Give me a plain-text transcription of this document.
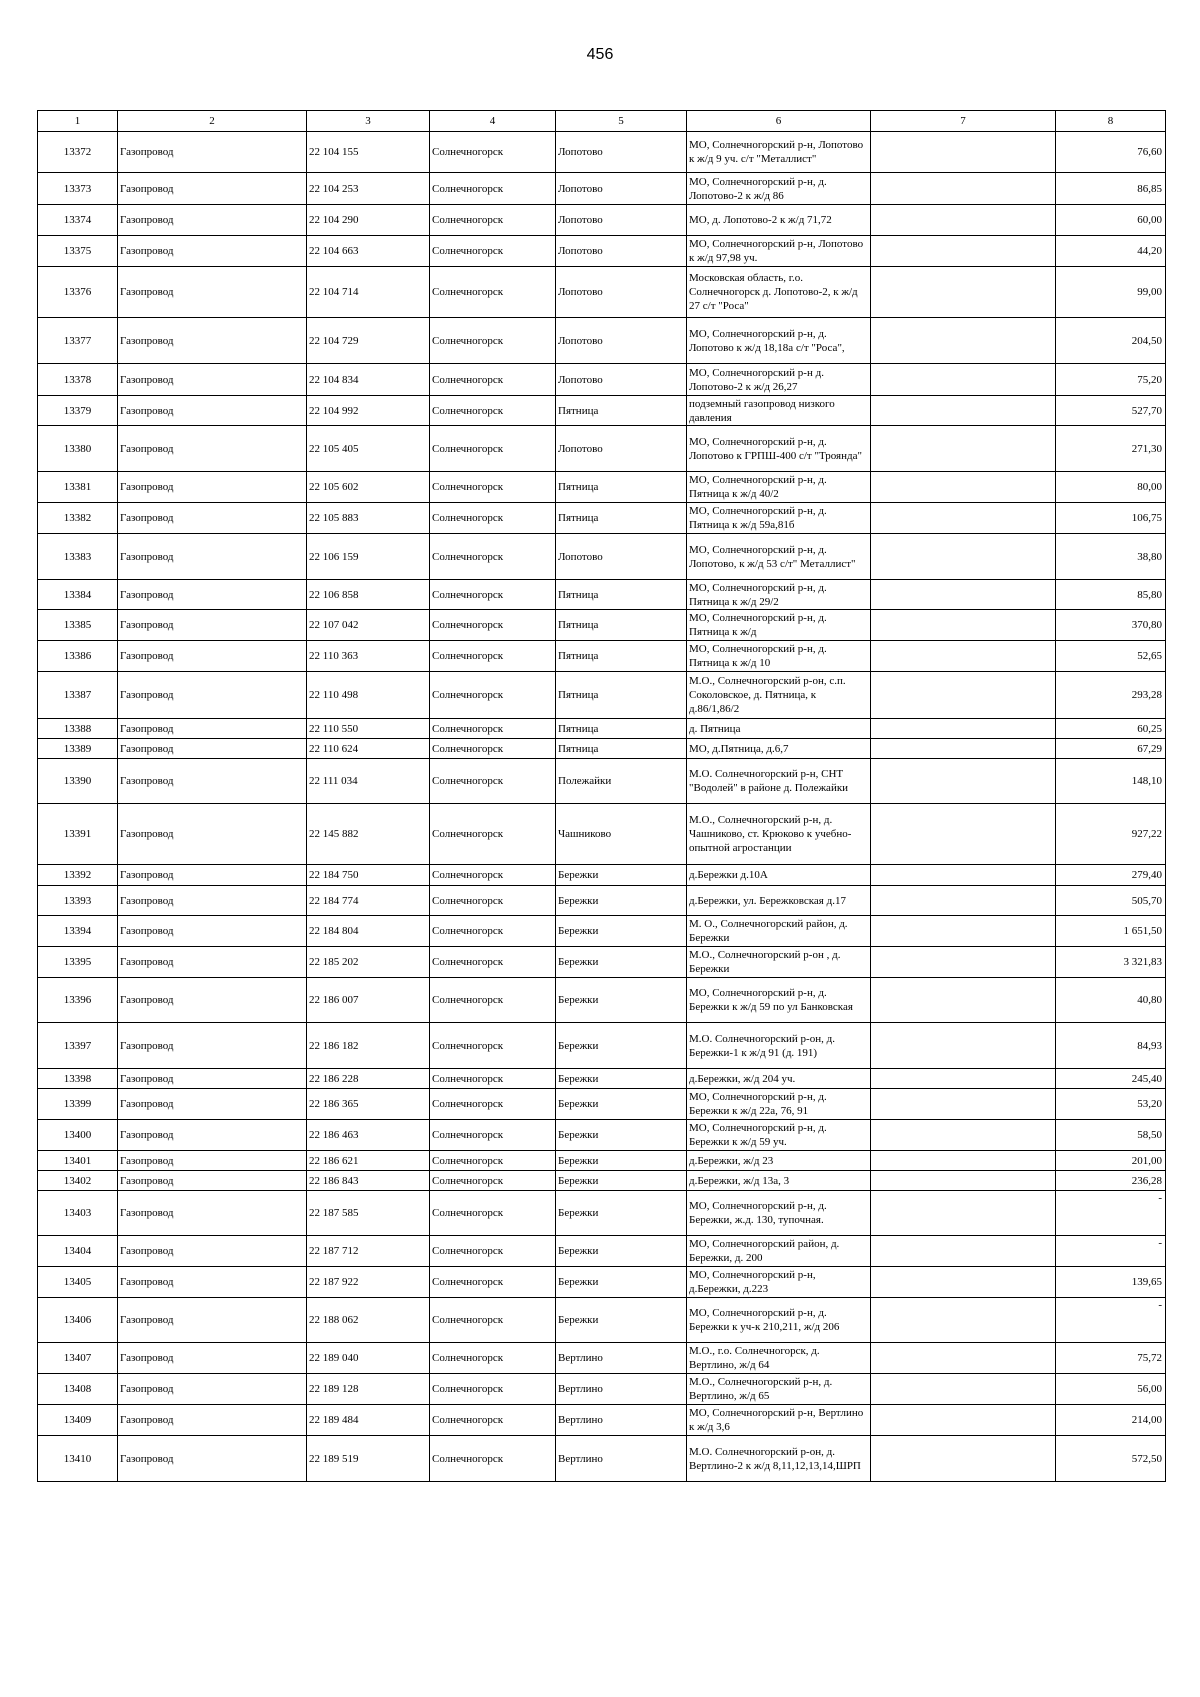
456
1	2	3	4	5	6	7	8
13372	Газопровод	22 104 155	Солнечногорск	Лопотово	МО, Солнечногорский р-н, Лопотово к ж/д 9 уч. с/т "Металлист"		76,60
13373	Газопровод	22 104 253	Солнечногорск	Лопотово	МО, Солнечногорский р-н, д. Лопотово-2 к ж/д 86		86,85
13374	Газопровод	22 104 290	Солнечногорск	Лопотово	МО, д. Лопотово-2 к ж/д 71,72		60,00
13375	Газопровод	22 104 663	Солнечногорск	Лопотово	МО, Солнечногорский р-н, Лопотово к ж/д 97,98 уч.		44,20
13376	Газопровод	22 104 714	Солнечногорск	Лопотово	Московская область, г.о. Солнечногорск д. Лопотово-2, к ж/д 27 с/т "Роса"		99,00
13377	Газопровод	22 104 729	Солнечногорск	Лопотово	МО, Солнечногорский р-н, д. Лопотово к ж/д 18,18а с/т "Роса",		204,50
13378	Газопровод	22 104 834	Солнечногорск	Лопотово	МО, Солнечногорский р-н д. Лопотово-2 к ж/д 26,27		75,20
13379	Газопровод	22 104 992	Солнечногорск	Пятница	подземный газопровод низкого давления		527,70
13380	Газопровод	22 105 405	Солнечногорск	Лопотово	МО, Солнечногорский р-н, д. Лопотово к ГРПШ-400 с/т "Троянда"		271,30
13381	Газопровод	22 105 602	Солнечногорск	Пятница	МО, Солнечногорский р-н, д. Пятница к ж/д 40/2		80,00
13382	Газопровод	22 105 883	Солнечногорск	Пятница	МО, Солнечногорский р-н, д. Пятница к ж/д 59а,81б		106,75
13383	Газопровод	22 106 159	Солнечногорск	Лопотово	МО, Солнечногорский р-н, д. Лопотово, к ж/д 53 с/т" Металлист"		38,80
13384	Газопровод	22 106 858	Солнечногорск	Пятница	МО, Солнечногорский р-н, д. Пятница к ж/д 29/2		85,80
13385	Газопровод	22 107 042	Солнечногорск	Пятница	МО, Солнечногорский р-н, д. Пятница к ж/д		370,80
13386	Газопровод	22 110 363	Солнечногорск	Пятница	МО, Солнечногорский р-н, д. Пятница к ж/д 10		52,65
13387	Газопровод	22 110 498	Солнечногорск	Пятница	М.О., Солнечногорский р-он, с.п. Соколовское, д. Пятница, к д.86/1,86/2		293,28
13388	Газопровод	22 110 550	Солнечногорск	Пятница	д. Пятница		60,25
13389	Газопровод	22 110 624	Солнечногорск	Пятница	МО, д.Пятница, д.6,7		67,29
13390	Газопровод	22 111 034	Солнечногорск	Полежайки	М.О. Солнечногорский р-н, СНТ "Водолей" в районе д. Полежайки		148,10
13391	Газопровод	22 145 882	Солнечногорск	Чашниково	М.О., Солнечногорский р-н, д. Чашниково, ст. Крюково к учебно-опытной агростанции		927,22
13392	Газопровод	22 184 750	Солнечногорск	Бережки	д.Бережки д.10А		279,40
13393	Газопровод	22 184 774	Солнечногорск	Бережки	д.Бережки, ул. Бережковская д.17		505,70
13394	Газопровод	22 184 804	Солнечногорск	Бережки	М. О., Солнечногорский район, д. Бережки		1 651,50
13395	Газопровод	22 185 202	Солнечногорск	Бережки	М.О., Солнечногорский р-он , д. Бережки		3 321,83
13396	Газопровод	22 186 007	Солнечногорск	Бережки	МО, Солнечногорский р-н, д. Бережки к ж/д 59 по ул Банковская		40,80
13397	Газопровод	22 186 182	Солнечногорск	Бережки	М.О. Солнечногорский р-он, д. Бережки-1 к ж/д 91 (д. 191)		84,93
13398	Газопровод	22 186 228	Солнечногорск	Бережки	д.Бережки, ж/д 204 уч.		245,40
13399	Газопровод	22 186 365	Солнечногорск	Бережки	МО, Солнечногорский р-н, д. Бережки к ж/д 22а, 76, 91		53,20
13400	Газопровод	22 186 463	Солнечногорск	Бережки	МО, Солнечногорский р-н, д. Бережки к ж/д 59 уч.		58,50
13401	Газопровод	22 186 621	Солнечногорск	Бережки	д.Бережки, ж/д 23		201,00
13402	Газопровод	22 186 843	Солнечногорск	Бережки	д.Бережки, ж/д 13а, 3		236,28
13403	Газопровод	22 187 585	Солнечногорск	Бережки	МО, Солнечногорский р-н, д. Бережки, ж.д. 130, тупочная.		-
13404	Газопровод	22 187 712	Солнечногорск	Бережки	МО, Солнечногорский район, д. Бережки, д. 200		-
13405	Газопровод	22 187 922	Солнечногорск	Бережки	МО, Солнечногорский р-н, д.Бережки, д.223		139,65
13406	Газопровод	22 188 062	Солнечногорск	Бережки	МО, Солнечногорский р-н, д. Бережки к уч-к 210,211, ж/д 206		-
13407	Газопровод	22 189 040	Солнечногорск	Вертлино	М.О., г.о. Солнечногорск, д. Вертлино, ж/д 64		75,72
13408	Газопровод	22 189 128	Солнечногорск	Вертлино	М.О., Солнечногорский р-н, д. Вертлино, ж/д 65		56,00
13409	Газопровод	22 189 484	Солнечногорск	Вертлино	МО, Солнечногорский р-н, Вертлино к ж/д 3,6		214,00
13410	Газопровод	22 189 519	Солнечногорск	Вертлино	М.О. Солнечногорский р-он, д. Вертлино-2 к ж/д 8,11,12,13,14,ШРП		572,50
